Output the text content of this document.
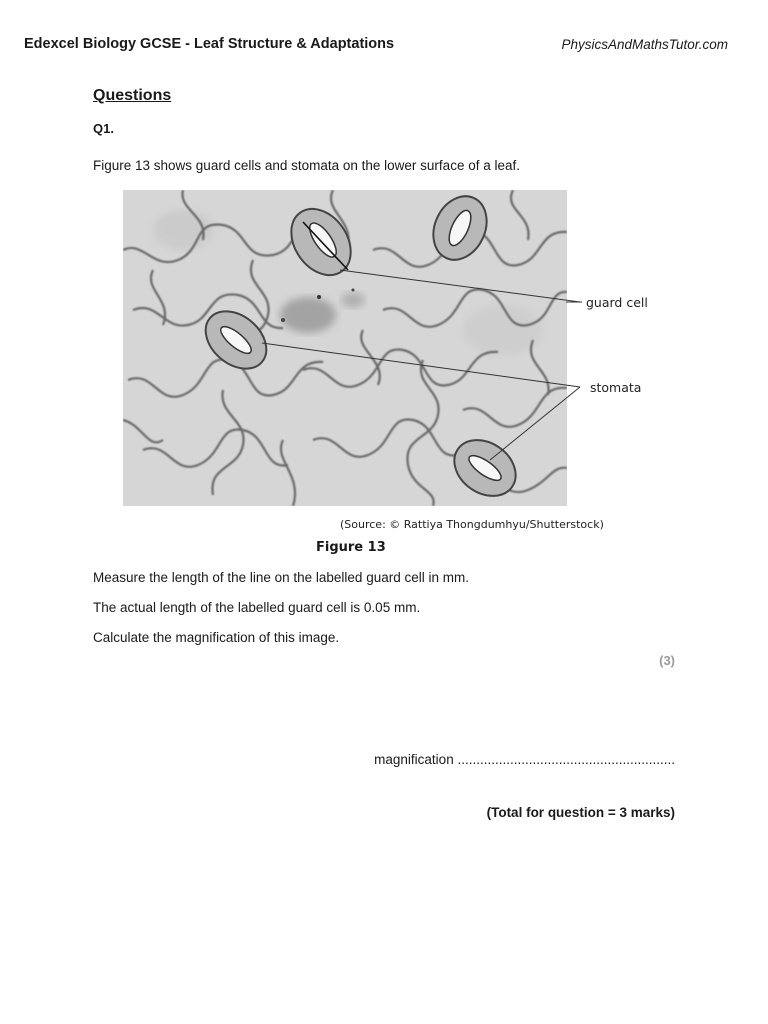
Edexcel Biology GCSE - Leaf Structure & Adaptations	PhysicsAndMathsTutor.com
Questions
Q1.
Figure 13 shows guard cells and stomata on the lower surface of a leaf.
guard cell
stomata
(Source: © Rattiya Thongdumhyu/Shutterstock)
Figure 13
Measure the length of the line on the labelled guard cell in mm.
The actual length of the labelled guard cell is 0.05 mm.
Calculate the magnification of this image.
(3)
magnification ..........................................................
(Total for question = 3 marks)
